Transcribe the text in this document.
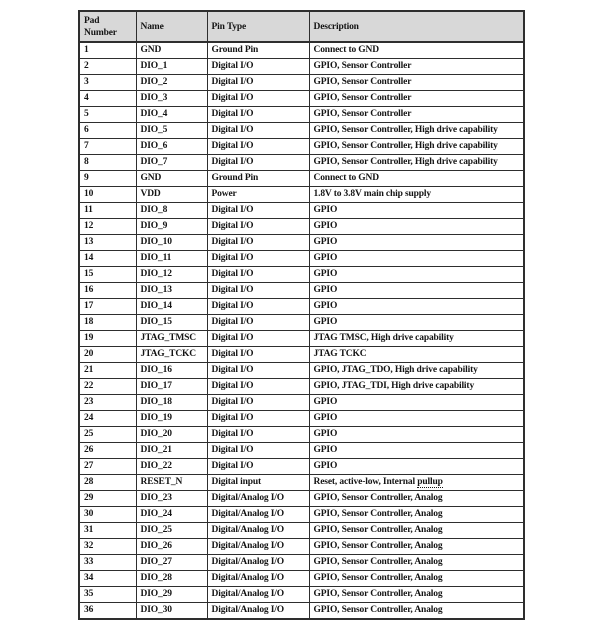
Pad Number	Name	Pin Type	Description
1	GND	Ground Pin	Connect to GND
2	DIO_1	Digital I/O	GPIO, Sensor Controller
3	DIO_2	Digital I/O	GPIO, Sensor Controller
4	DIO_3	Digital I/O	GPIO, Sensor Controller
5	DIO_4	Digital I/O	GPIO, Sensor Controller
6	DIO_5	Digital I/O	GPIO, Sensor Controller, High drive capability
7	DIO_6	Digital I/O	GPIO, Sensor Controller, High drive capability
8	DIO_7	Digital I/O	GPIO, Sensor Controller, High drive capability
9	GND	Ground Pin	Connect to GND
10	VDD	Power	1.8V to 3.8V main chip supply
11	DIO_8	Digital I/O	GPIO
12	DIO_9	Digital I/O	GPIO
13	DIO_10	Digital I/O	GPIO
14	DIO_11	Digital I/O	GPIO
15	DIO_12	Digital I/O	GPIO
16	DIO_13	Digital I/O	GPIO
17	DIO_14	Digital I/O	GPIO
18	DIO_15	Digital I/O	GPIO
19	JTAG_TMSC	Digital I/O	JTAG TMSC, High drive capability
20	JTAG_TCKC	Digital I/O	JTAG TCKC
21	DIO_16	Digital I/O	GPIO, JTAG_TDO, High drive capability
22	DIO_17	Digital I/O	GPIO, JTAG_TDI, High drive capability
23	DIO_18	Digital I/O	GPIO
24	DIO_19	Digital I/O	GPIO
25	DIO_20	Digital I/O	GPIO
26	DIO_21	Digital I/O	GPIO
27	DIO_22	Digital I/O	GPIO
28	RESET_N	Digital input	Reset, active-low, Internal pullup
29	DIO_23	Digital/Analog I/O	GPIO, Sensor Controller, Analog
30	DIO_24	Digital/Analog I/O	GPIO, Sensor Controller, Analog
31	DIO_25	Digital/Analog I/O	GPIO, Sensor Controller, Analog
32	DIO_26	Digital/Analog I/O	GPIO, Sensor Controller, Analog
33	DIO_27	Digital/Analog I/O	GPIO, Sensor Controller, Analog
34	DIO_28	Digital/Analog I/O	GPIO, Sensor Controller, Analog
35	DIO_29	Digital/Analog I/O	GPIO, Sensor Controller, Analog
36	DIO_30	Digital/Analog I/O	GPIO, Sensor Controller, Analog
